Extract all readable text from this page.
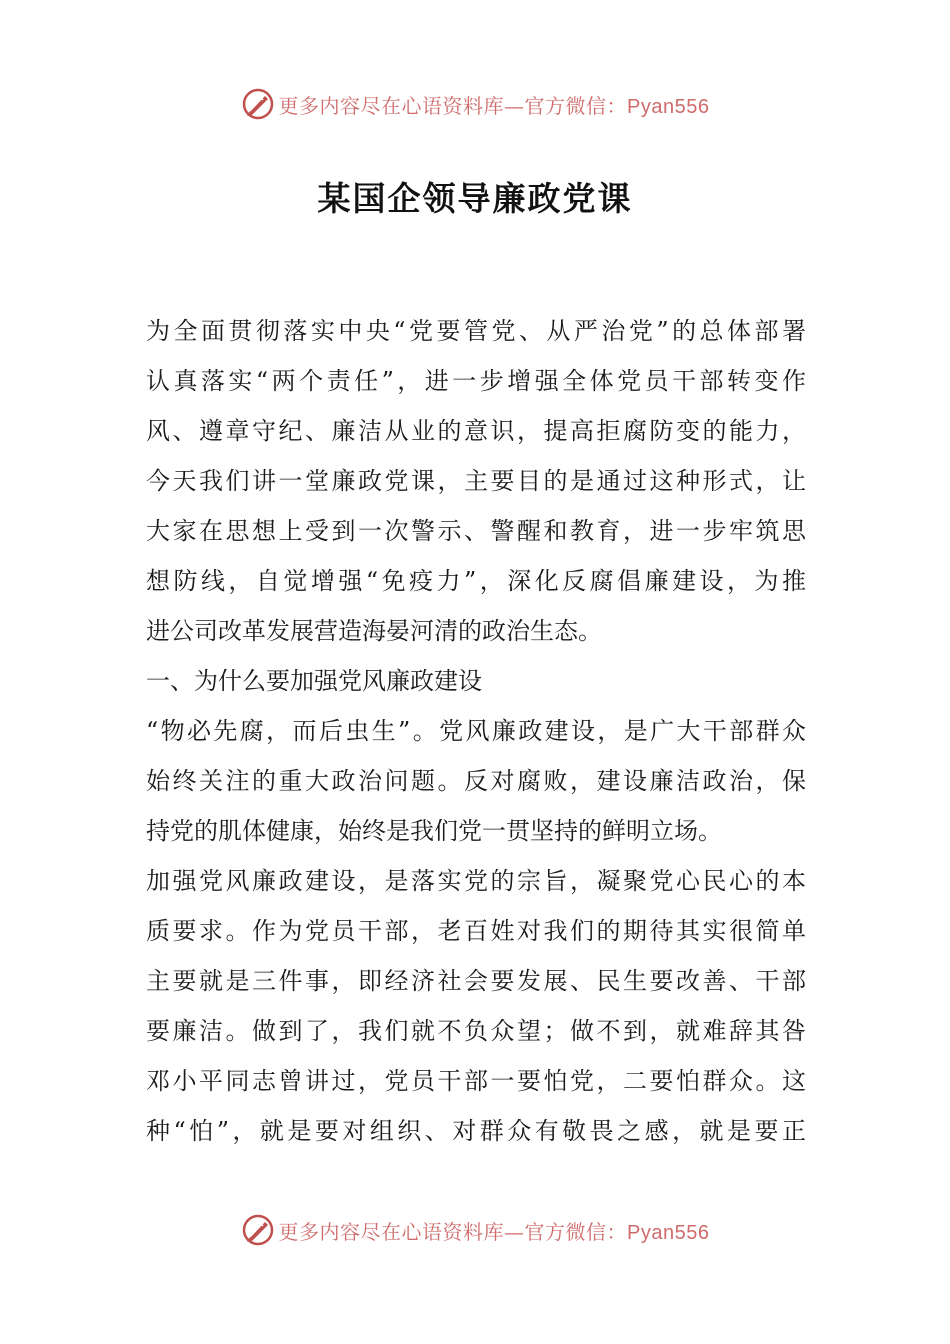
更多内容尽在心语资料库—官方微信：Pyan556
某国企领导廉政党课
为全面贯彻落实中央“党要管党、从严治党”的总体部署
认真落实“两个责任”，进一步增强全体党员干部转变作
风、遵章守纪、廉洁从业的意识，提高拒腐防变的能力，
今天我们讲一堂廉政党课，主要目的是通过这种形式，让
大家在思想上受到一次警示、警醒和教育，进一步牢筑思
想防线，自觉增强“免疫力”，深化反腐倡廉建设，为推
进公司改革发展营造海晏河清的政治生态。
一、为什么要加强党风廉政建设
“物必先腐，而后虫生”。党风廉政建设，是广大干部群众
始终关注的重大政治问题。反对腐败，建设廉洁政治，保
持党的肌体健康，始终是我们党一贯坚持的鲜明立场。
加强党风廉政建设，是落实党的宗旨，凝聚党心民心的本
质要求。作为党员干部，老百姓对我们的期待其实很简单
主要就是三件事，即经济社会要发展、民生要改善、干部
要廉洁。做到了，我们就不负众望；做不到，就难辞其咎
邓小平同志曾讲过，党员干部一要怕党，二要怕群众。这
种“怕”，就是要对组织、对群众有敬畏之感，就是要正
更多内容尽在心语资料库—官方微信：Pyan556
